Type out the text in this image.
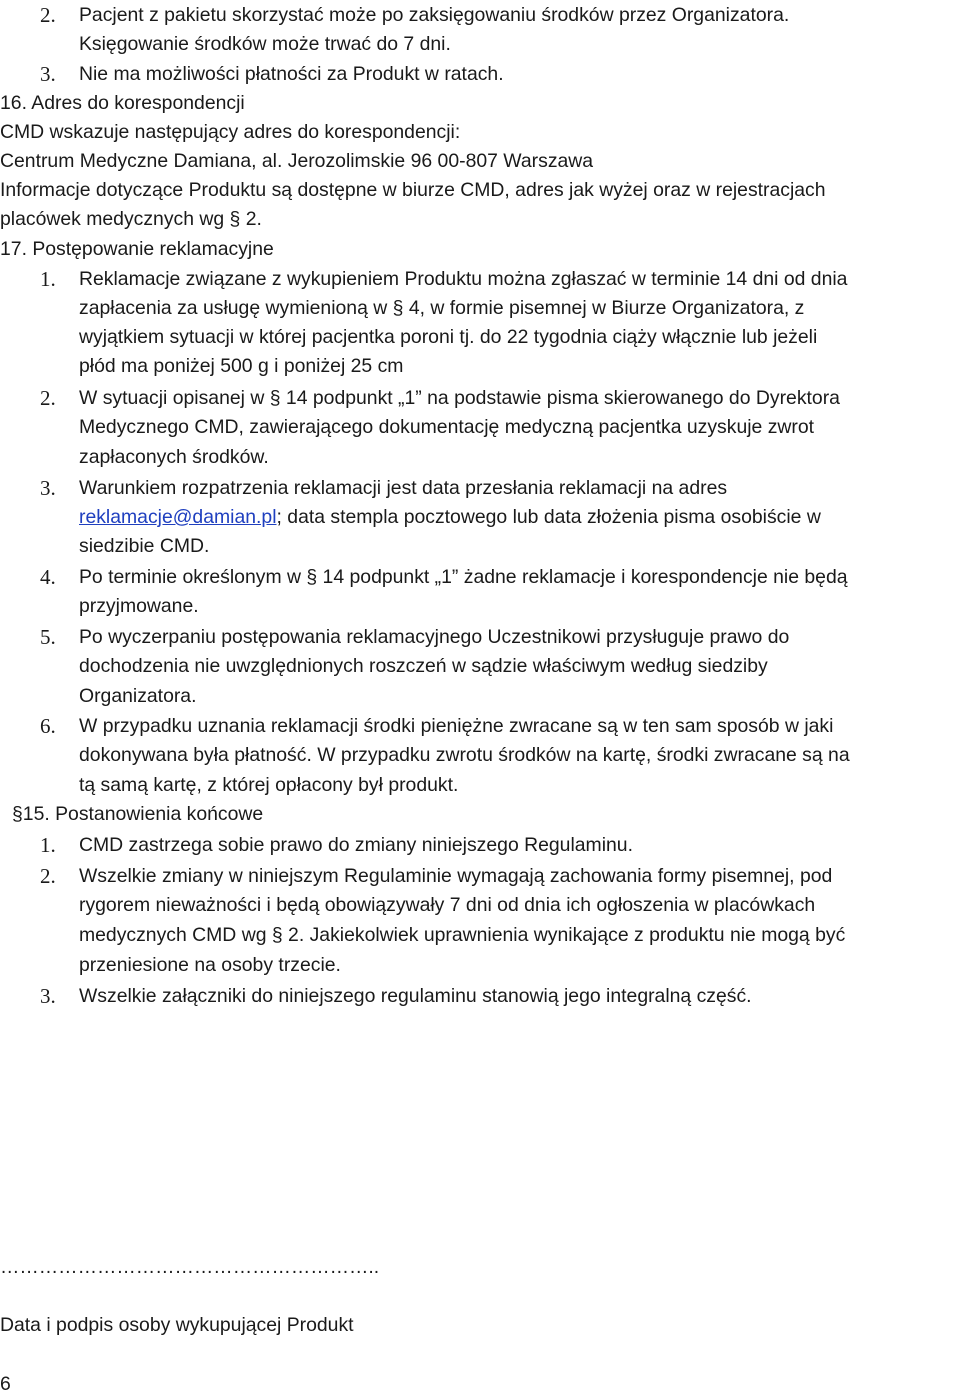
2. Pacjent z pakietu skorzystać może po zaksięgowaniu środków przez Organizatora.
Księgowanie środków może trwać do 7 dni.
3. Nie ma możliwości płatności za Produkt w ratach.
16. Adres do korespondencji
CMD wskazuje następujący adres do korespondencji:
Centrum Medyczne Damiana, al. Jerozolimskie 96 00-807 Warszawa
Informacje dotyczące Produktu są dostępne w biurze CMD, adres jak wyżej oraz w rejestracjach
placówek medycznych wg § 2.
17. Postępowanie reklamacyjne
1. Reklamacje związane z wykupieniem Produktu można zgłaszać w terminie 14 dni od dnia
zapłacenia za usługę wymienioną w § 4, w formie pisemnej w Biurze Organizatora, z
wyjątkiem sytuacji w której pacjentka poroni tj. do 22 tygodnia ciąży włącznie lub jeżeli
płód ma poniżej 500 g i poniżej 25 cm
2. W sytuacji opisanej w § 14 podpunkt „1” na podstawie pisma skierowanego do Dyrektora
Medycznego CMD, zawierającego dokumentację medyczną pacjentka uzyskuje zwrot
zapłaconych środków.
3. Warunkiem rozpatrzenia reklamacji jest data przesłania reklamacji na adres
reklamacje@damian.pl; data stempla pocztowego lub data złożenia pisma osobiście w
siedzibie CMD.
4. Po terminie określonym w § 14 podpunkt „1” żadne reklamacje i korespondencje nie będą
przyjmowane.
5. Po wyczerpaniu postępowania reklamacyjnego Uczestnikowi przysługuje prawo do
dochodzenia nie uwzględnionych roszczeń w sądzie właściwym według siedziby
Organizatora.
6. W przypadku uznania reklamacji środki pieniężne zwracane są w ten sam sposób w jaki
dokonywana była płatność. W przypadku zwrotu środków na kartę, środki zwracane są na
tą samą kartę, z której opłacony był produkt.
§15. Postanowienia końcowe
1. CMD zastrzega sobie prawo do zmiany niniejszego Regulaminu.
2. Wszelkie zmiany w niniejszym Regulaminie wymagają zachowania formy pisemnej, pod
rygorem nieważności i będą obowiązywały 7 dni od dnia ich ogłoszenia w placówkach
medycznych CMD wg § 2. Jakiekolwiek uprawnienia wynikające z produktu nie mogą być
przeniesione na osoby trzecie.
3. Wszelkie załączniki do niniejszego regulaminu stanowią jego integralną część.
…………………………………………………..
Data i podpis osoby wykupującej Produkt
6
